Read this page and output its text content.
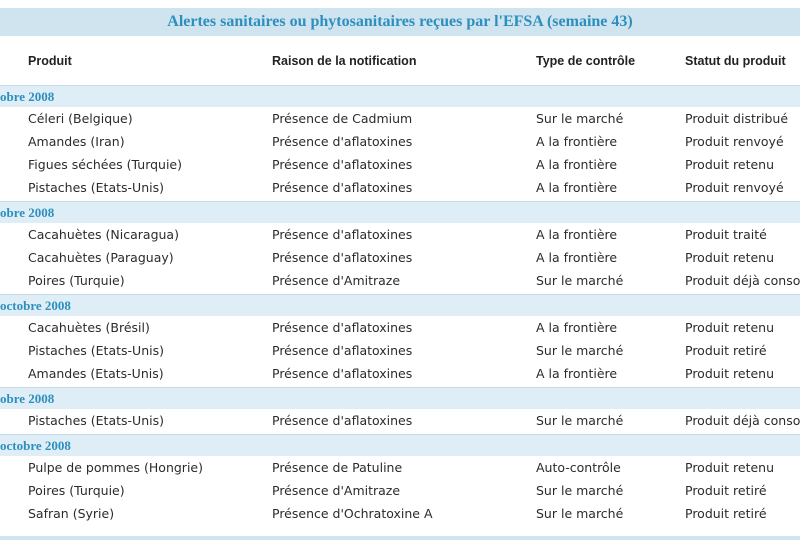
Alertes sanitaires ou phytosanitaires reçues par l'EFSA (semaine 43)
Produit	Raison de la notification	Type de contrôle	Statut du produit
obre 2008
Céleri (Belgique)	Présence de Cadmium	Sur le marché	Produit distribué
Amandes (Iran)	Présence d'aflatoxines	A la frontière	Produit renvoyé
Figues séchées (Turquie)	Présence d'aflatoxines	A la frontière	Produit retenu
Pistaches (Etats-Unis)	Présence d'aflatoxines	A la frontière	Produit renvoyé
obre 2008
Cacahuètes (Nicaragua)	Présence d'aflatoxines	A la frontière	Produit traité
Cacahuètes (Paraguay)	Présence d'aflatoxines	A la frontière	Produit retenu
Poires (Turquie)	Présence d'Amitraze	Sur le marché	Produit déjà conso
octobre 2008
Cacahuètes (Brésil)	Présence d'aflatoxines	A la frontière	Produit retenu
Pistaches (Etats-Unis)	Présence d'aflatoxines	Sur le marché	Produit retiré
Amandes (Etats-Unis)	Présence d'aflatoxines	A la frontière	Produit retenu
obre 2008
Pistaches (Etats-Unis)	Présence d'aflatoxines	Sur le marché	Produit déjà conso
octobre 2008
Pulpe de pommes (Hongrie)	Présence de Patuline	Auto-contrôle	Produit retenu
Poires (Turquie)	Présence d'Amitraze	Sur le marché	Produit retiré
Safran (Syrie)	Présence d'Ochratoxine A	Sur le marché	Produit retiré
